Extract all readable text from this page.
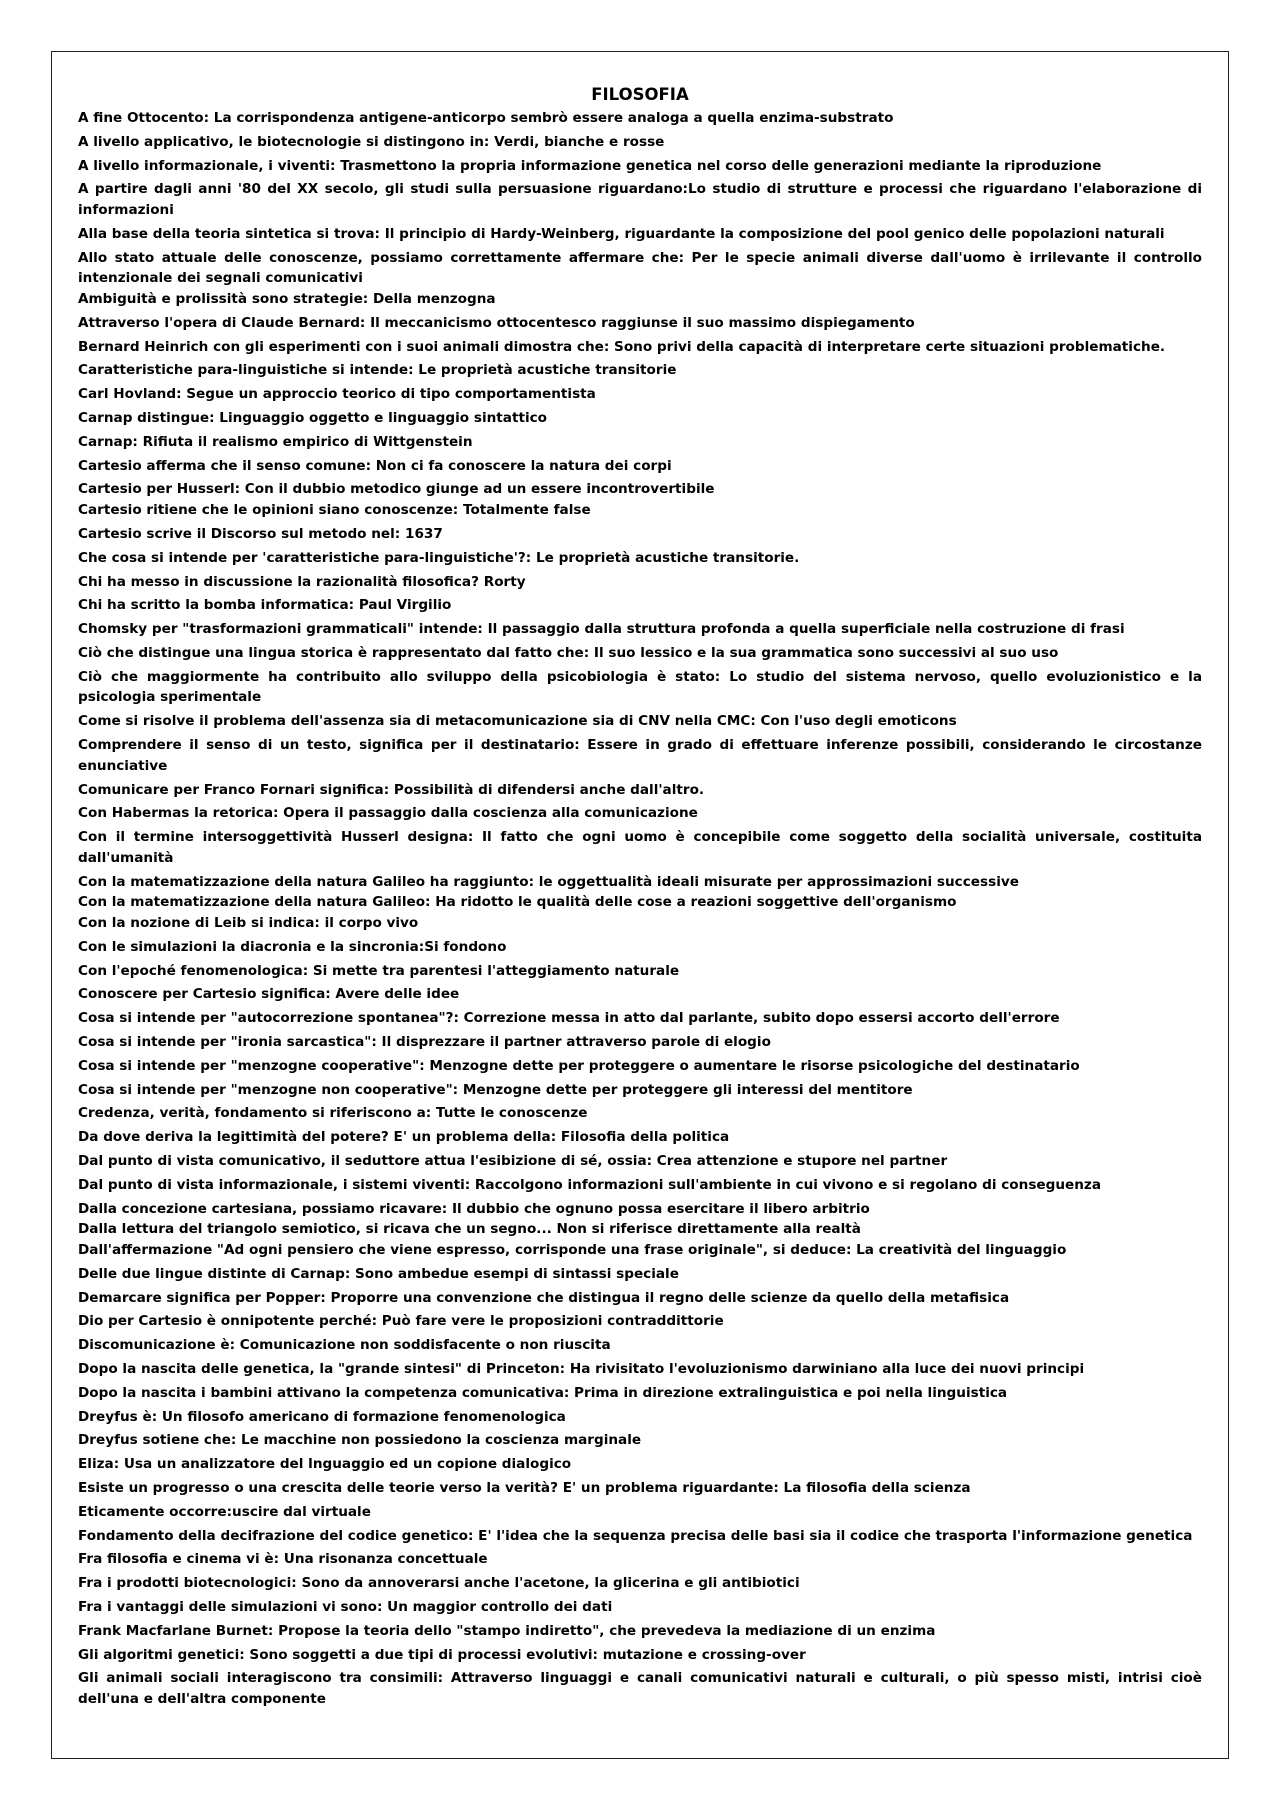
FILOSOFIA
A fine Ottocento: La corrispondenza antigene-anticorpo sembrò essere analoga a quella enzima-substrato
A livello applicativo, le biotecnologie si distingono in: Verdi, bianche e rosse
A livello informazionale, i viventi: Trasmettono la propria informazione genetica nel corso delle generazioni mediante la riproduzione
A partire dagli anni '80 del XX secolo, gli studi sulla persuasione riguardano:Lo studio di strutture e processi che riguardano l'elaborazione di informazioni
Alla base della teoria sintetica si trova: Il principio di Hardy-Weinberg, riguardante la composizione del pool genico delle popolazioni naturali
Allo stato attuale delle conoscenze, possiamo correttamente affermare che: Per le specie animali diverse dall'uomo è irrilevante il controllo intenzionale dei segnali comunicativi
Ambiguità e prolissità sono strategie: Della menzogna
Attraverso l'opera di Claude Bernard: Il meccanicismo ottocentesco raggiunse il suo massimo dispiegamento
Bernard Heinrich con gli esperimenti con i suoi animali dimostra che: Sono privi della capacità di interpretare certe situazioni problematiche.
Caratteristiche para-linguistiche si intende: Le proprietà acustiche transitorie
Carl Hovland: Segue un approccio teorico di tipo comportamentista
Carnap distingue: Linguaggio oggetto e linguaggio sintattico
Carnap: Rifiuta il realismo empirico di Wittgenstein
Cartesio afferma che il senso comune: Non ci fa conoscere la natura dei corpi
Cartesio per Husserl: Con il dubbio metodico giunge ad un essere incontrovertibile
Cartesio ritiene che le opinioni siano conoscenze: Totalmente false
Cartesio scrive il Discorso sul metodo nel: 1637
Che cosa si intende per 'caratteristiche para-linguistiche'?: Le proprietà acustiche transitorie.
Chi ha messo in discussione la razionalità filosofica? Rorty
Chi ha scritto la bomba informatica: Paul Virgilio
Chomsky per "trasformazioni grammaticali" intende: Il passaggio dalla struttura profonda a quella superficiale nella costruzione di frasi
Ciò che distingue una lingua storica è rappresentato dal fatto che: Il suo lessico e la sua grammatica sono successivi al suo uso
Ciò che maggiormente ha contribuito allo sviluppo della psicobiologia è stato: Lo studio del sistema nervoso, quello evoluzionistico e la psicologia sperimentale
Come si risolve il problema dell'assenza sia di metacomunicazione sia di CNV nella CMC: Con l'uso degli emoticons
Comprendere il senso di un testo, significa per il destinatario: Essere in grado di effettuare inferenze possibili, considerando le circostanze enunciative
Comunicare per Franco Fornari significa: Possibilità di difendersi anche dall'altro.
Con Habermas la retorica: Opera il passaggio dalla coscienza alla comunicazione
Con il termine intersoggettività Husserl designa: Il fatto che ogni uomo è concepibile come soggetto della socialità universale, costituita dall'umanità
Con la matematizzazione della natura Galileo ha raggiunto: le oggettualità ideali misurate per approssimazioni successive
Con la matematizzazione della natura Galileo: Ha ridotto le qualità delle cose a reazioni soggettive dell'organismo
Con la nozione di Leib si indica: il corpo vivo
Con le simulazioni la diacronia e la sincronia:Si fondono
Con l'epoché fenomenologica: Si mette tra parentesi l'atteggiamento naturale
Conoscere per Cartesio significa: Avere delle idee
Cosa si intende per "autocorrezione spontanea"?: Correzione messa in atto dal parlante, subito dopo essersi accorto dell'errore
Cosa si intende per "ironia sarcastica": Il disprezzare il partner attraverso parole di elogio
Cosa si intende per "menzogne cooperative": Menzogne dette per proteggere o aumentare le risorse psicologiche del destinatario
Cosa si intende per "menzogne non cooperative": Menzogne dette per proteggere gli interessi del mentitore
Credenza, verità, fondamento si riferiscono a: Tutte le conoscenze
Da dove deriva la legittimità del potere? E' un problema della: Filosofia della politica
Dal punto di vista comunicativo, il seduttore attua l'esibizione di sé, ossia: Crea attenzione e stupore nel partner
Dal punto di vista informazionale, i sistemi viventi: Raccolgono informazioni sull'ambiente in cui vivono e si regolano di conseguenza
Dalla concezione cartesiana, possiamo ricavare: Il dubbio che ognuno possa esercitare il libero arbitrio
Dalla lettura del triangolo semiotico, si ricava che un segno... Non si riferisce direttamente alla realtà
Dall'affermazione "Ad ogni pensiero che viene espresso, corrisponde una frase originale", si deduce: La creatività del linguaggio
Delle due lingue distinte di Carnap: Sono ambedue esempi di sintassi speciale
Demarcare significa per Popper: Proporre una convenzione che distingua il regno delle scienze da quello della metafisica
Dio per Cartesio è onnipotente perché: Può fare vere le proposizioni contraddittorie
Discomunicazione è: Comunicazione non soddisfacente o non riuscita
Dopo la nascita delle genetica, la "grande sintesi" di Princeton: Ha rivisitato l'evoluzionismo darwiniano alla luce dei nuovi principi
Dopo la nascita i bambini attivano la competenza comunicativa: Prima in direzione extralinguistica e poi nella linguistica
Dreyfus è: Un filosofo americano di formazione fenomenologica
Dreyfus sotiene che: Le macchine non possiedono la coscienza marginale
Eliza: Usa un analizzatore del lnguaggio ed un copione dialogico
Esiste un progresso o una crescita delle teorie verso la verità? E' un problema riguardante: La filosofia della scienza
Eticamente occorre:uscire dal virtuale
Fondamento della decifrazione del codice genetico: E' l'idea che la sequenza precisa delle basi sia il codice che trasporta l'informazione genetica
Fra filosofia e cinema vi è: Una risonanza concettuale
Fra i prodotti biotecnologici: Sono da annoverarsi anche l'acetone, la glicerina e gli antibiotici
Fra i vantaggi delle simulazioni vi sono: Un maggior controllo dei dati
Frank Macfarlane Burnet: Propose la teoria dello "stampo indiretto", che prevedeva la mediazione di un enzima
Gli algoritmi genetici: Sono soggetti a due tipi di processi evolutivi: mutazione e crossing-over
Gli animali sociali interagiscono tra consimili: Attraverso linguaggi e canali comunicativi naturali e culturali, o più spesso misti, intrisi cioè dell'una e dell'altra componente
